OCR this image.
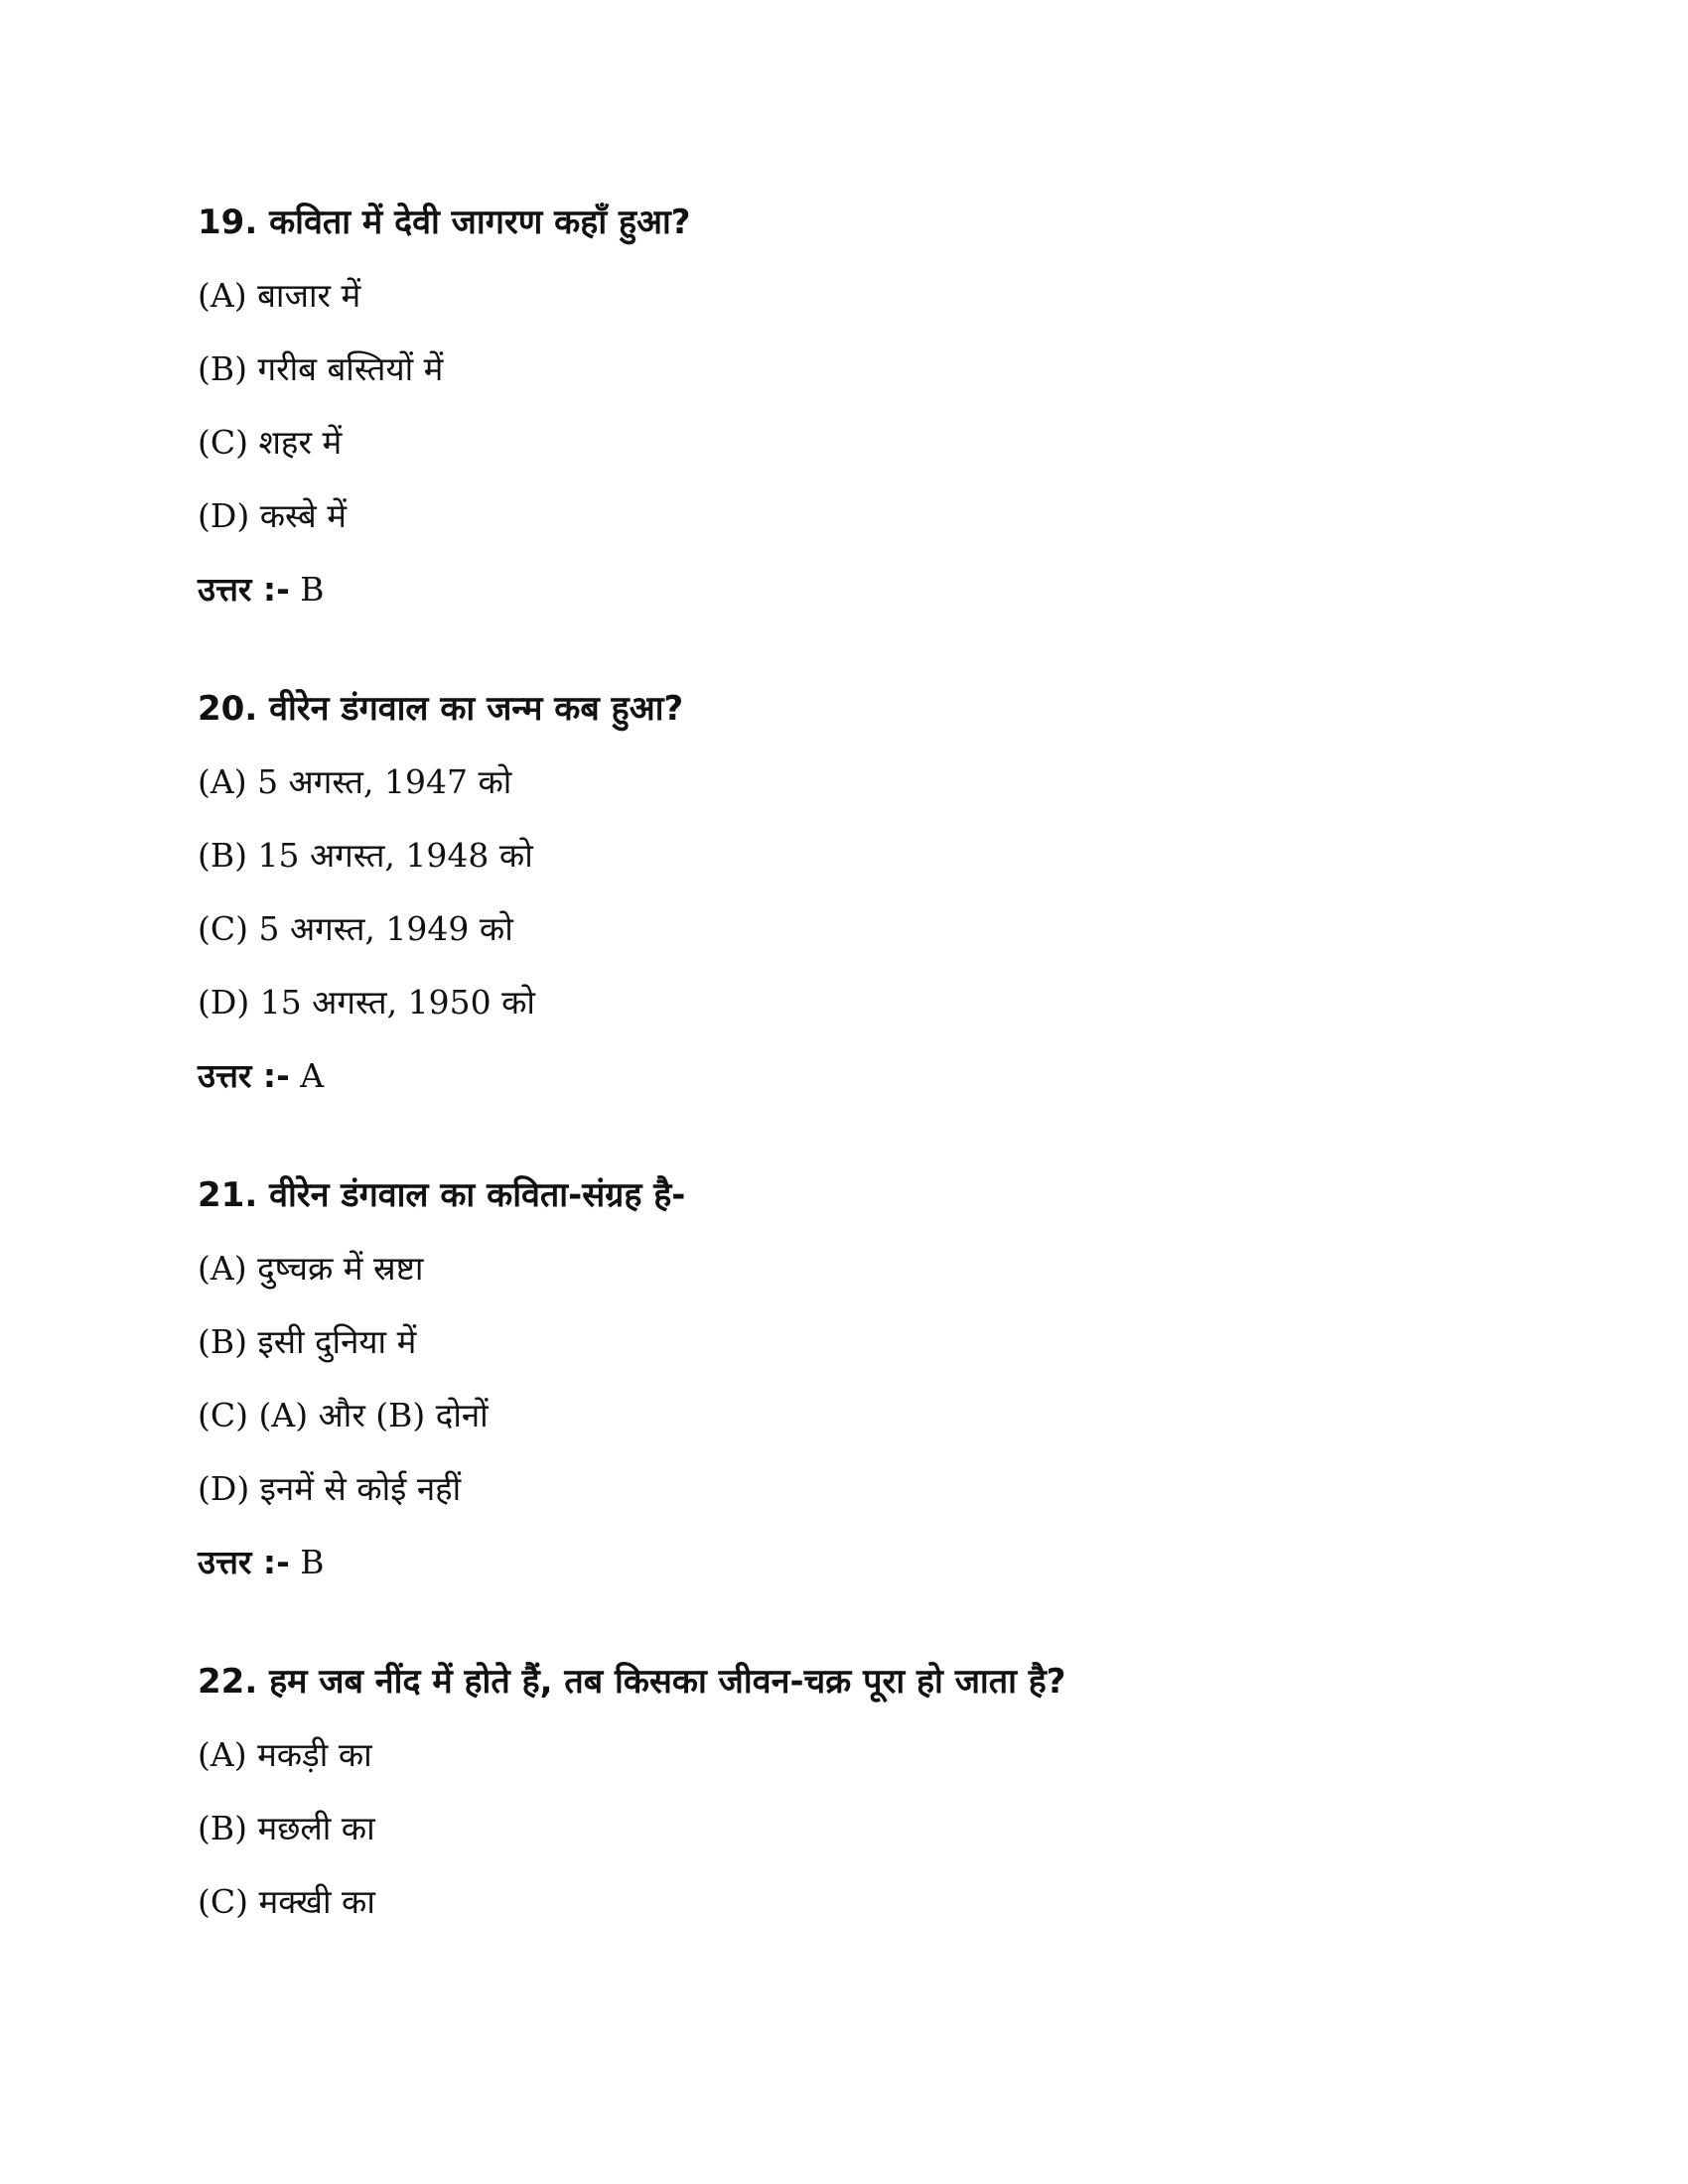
19. कविता में देवी जागरण कहाँ हुआ?
(A) बाजार में
(B) गरीब बस्तियों में
(C) शहर में
(D) कस्बे में
उत्तर :- B
20. वीरेन डंगवाल का जन्म कब हुआ?
(A) 5 अगस्त, 1947 को
(B) 15 अगस्त, 1948 को
(C) 5 अगस्त, 1949 को
(D) 15 अगस्त, 1950 को
उत्तर :- A
21. वीरेन डंगवाल का कविता-संग्रह है-
(A) दुष्चक्र में स्रष्टा
(B) इसी दुनिया में
(C) (A) और (B) दोनों
(D) इनमें से कोई नहीं
उत्तर :- B
22. हम जब नींद में होते हैं, तब किसका जीवन-चक्र पूरा हो जाता है?
(A) मकड़ी का
(B) मछली का
(C) मक्खी का
